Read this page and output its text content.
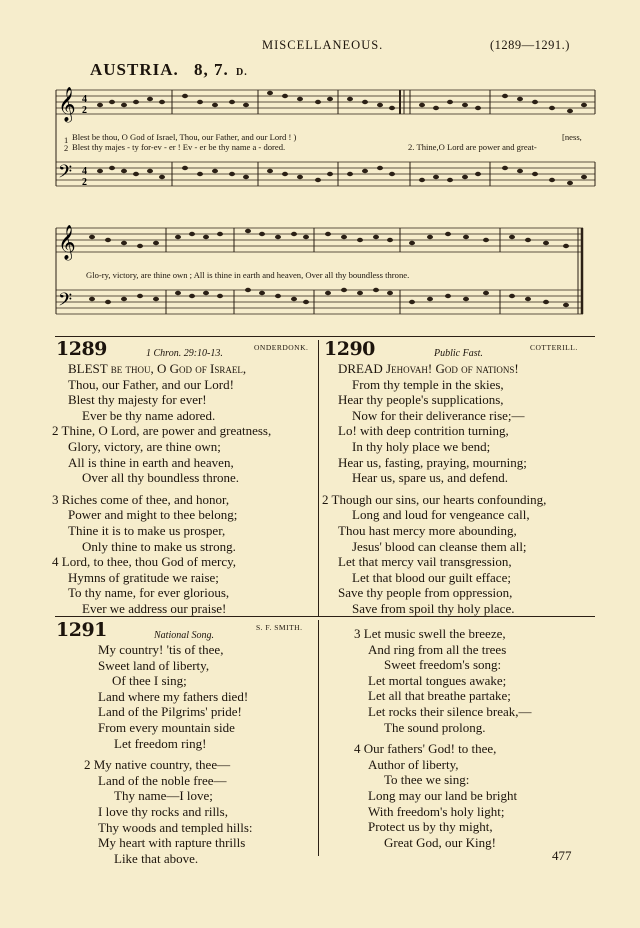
MISCELLANEOUS.	(1289—1291.)
AUSTRIA. 8, 7. D.
𝄞
𝄢
4
2
4
2
1
2
Blest be thou, O God of Israel, Thou, our Father, and our Lord ! )
Blest thy majes - ty for-ev - er ! Ev - er be thy name a - dored.	2. Thine,O Lord are power and great-
[ness,
𝄞
𝄢
Glo-ry, victory, are thine own ; All is thine in earth and heaven, Over all thy boundless throne.
1289	1 Chron. 29:10-13.
ONDERDONK.
BLEST be thou, O God of Israel,
Thou, our Father, and our Lord!
Blest thy majesty for ever!
Ever be thy name adored.
2 Thine, O Lord, are power and greatness,
Glory, victory, are thine own;
All is thine in earth and heaven,
Over all thy boundless throne.
3 Riches come of thee, and honor,
Power and might to thee belong;
Thine it is to make us prosper,
Only thine to make us strong.
4 Lord, to thee, thou God of mercy,
Hymns of gratitude we raise;
To thy name, for ever glorious,
Ever we address our praise!
1290	Public Fast.
COTTERILL.
DREAD Jehovah! God of nations!
From thy temple in the skies,
Hear thy people's supplications,
Now for their deliverance rise;—
Lo! with deep contrition turning,
In thy holy place we bend;
Hear us, fasting, praying, mourning;
Hear us, spare us, and defend.
2 Though our sins, our hearts confounding,
Long and loud for vengeance call,
Thou hast mercy more abounding,
Jesus' blood can cleanse them all;
Let that mercy vail transgression,
Let that blood our guilt efface;
Save thy people from oppression,
Save from spoil thy holy place.
1291	National Song.
S. F. SMITH.
My country! 'tis of thee,
Sweet land of liberty,
Of thee I sing;
Land where my fathers died!
Land of the Pilgrims' pride!
From every mountain side
Let freedom ring!
2 My native country, thee—
Land of the noble free—
Thy name—I love;
I love thy rocks and rills,
Thy woods and templed hills:
My heart with rapture thrills
Like that above.
3 Let music swell the breeze,
And ring from all the trees
Sweet freedom's song:
Let mortal tongues awake;
Let all that breathe partake;
Let rocks their silence break,—
The sound prolong.
4 Our fathers' God! to thee,
Author of liberty,
To thee we sing:
Long may our land be bright
With freedom's holy light;
Protect us by thy might,
Great God, our King!
477
